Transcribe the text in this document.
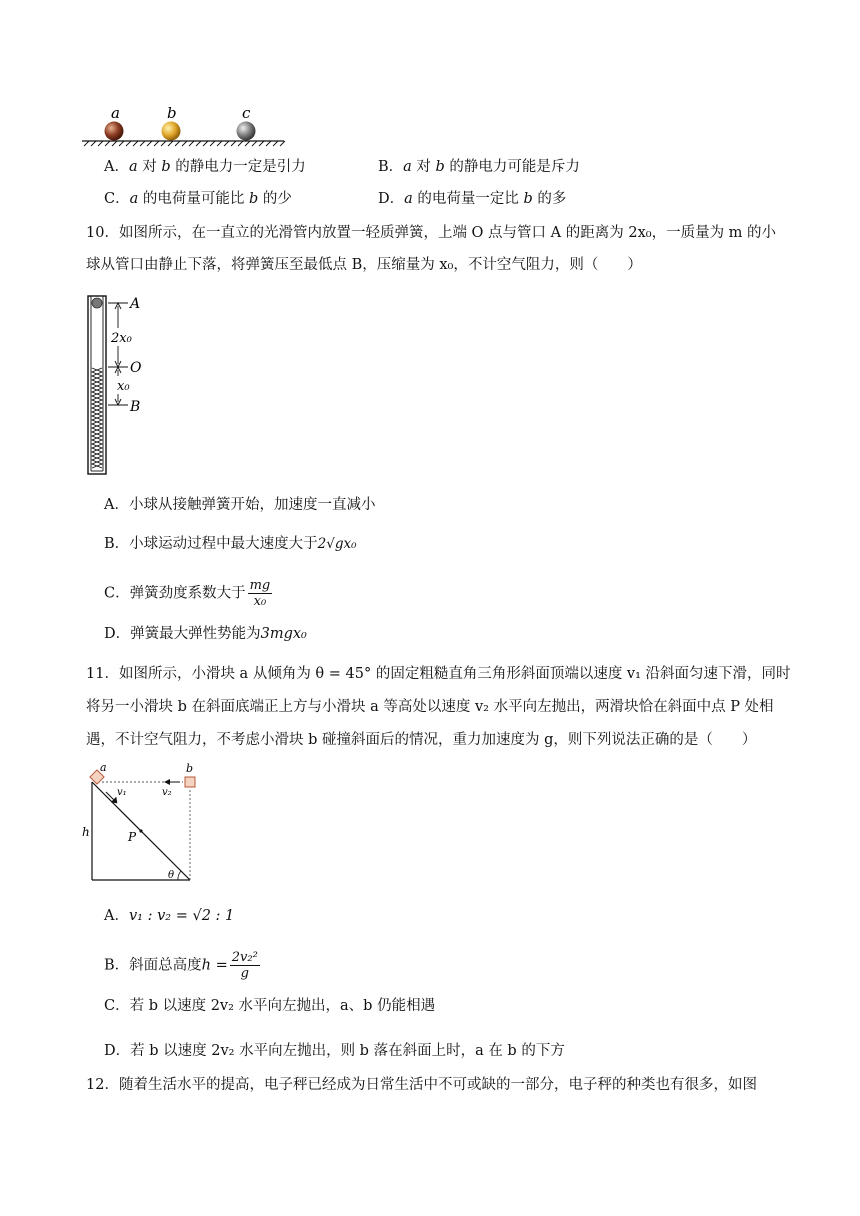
a	b	c
A．a 对 b 的静电力一定是引力	B．a 对 b 的静电力可能是斥力
C．a 的电荷量可能比 b 的少	D．a 的电荷量一定比 b 的多
10．如图所示，在一直立的光滑管内放置一轻质弹簧，上端 O 点与管口 A 的距离为 2x₀，一质量为 m 的小
球从管口由静止下落，将弹簧压至最低点 B，压缩量为 x₀，不计空气阻力，则（　　）
A
O
B
2x₀
x₀
A．小球从接触弹簧开始，加速度一直减小
B．小球运动过程中最大速度大于2√gx₀
C．弹簧劲度系数大于 $\frac{mg}{\text{x₀}}$
D．弹簧最大弹性势能为3mgx₀
11．如图所示，小滑块 a 从倾角为 θ = 45° 的固定粗糙直角三角形斜面顶端以速度 v₁ 沿斜面匀速下滑，同时
将另一小滑块 b 在斜面底端正上方与小滑块 a 等高处以速度 v₂ 水平向左抛出，两滑块恰在斜面中点 P 处相
遇，不计空气阻力，不考虑小滑块 b 碰撞斜面后的情况，重力加速度为 g，则下列说法正确的是（　　）
a	b
v₁	v₂
h	P
θ
A．v₁ : v₂ = √2 : 1
B．斜面总高度$h = \frac{\text{2v₂²}}{g}$
C．若 b 以速度 2v₂ 水平向左抛出，a、b 仍能相遇
D．若 b 以速度 2v₂ 水平向左抛出，则 b 落在斜面上时，a 在 b 的下方
12．随着生活水平的提高，电子秤已经成为日常生活中不可或缺的一部分，电子秤的种类也有很多，如图
